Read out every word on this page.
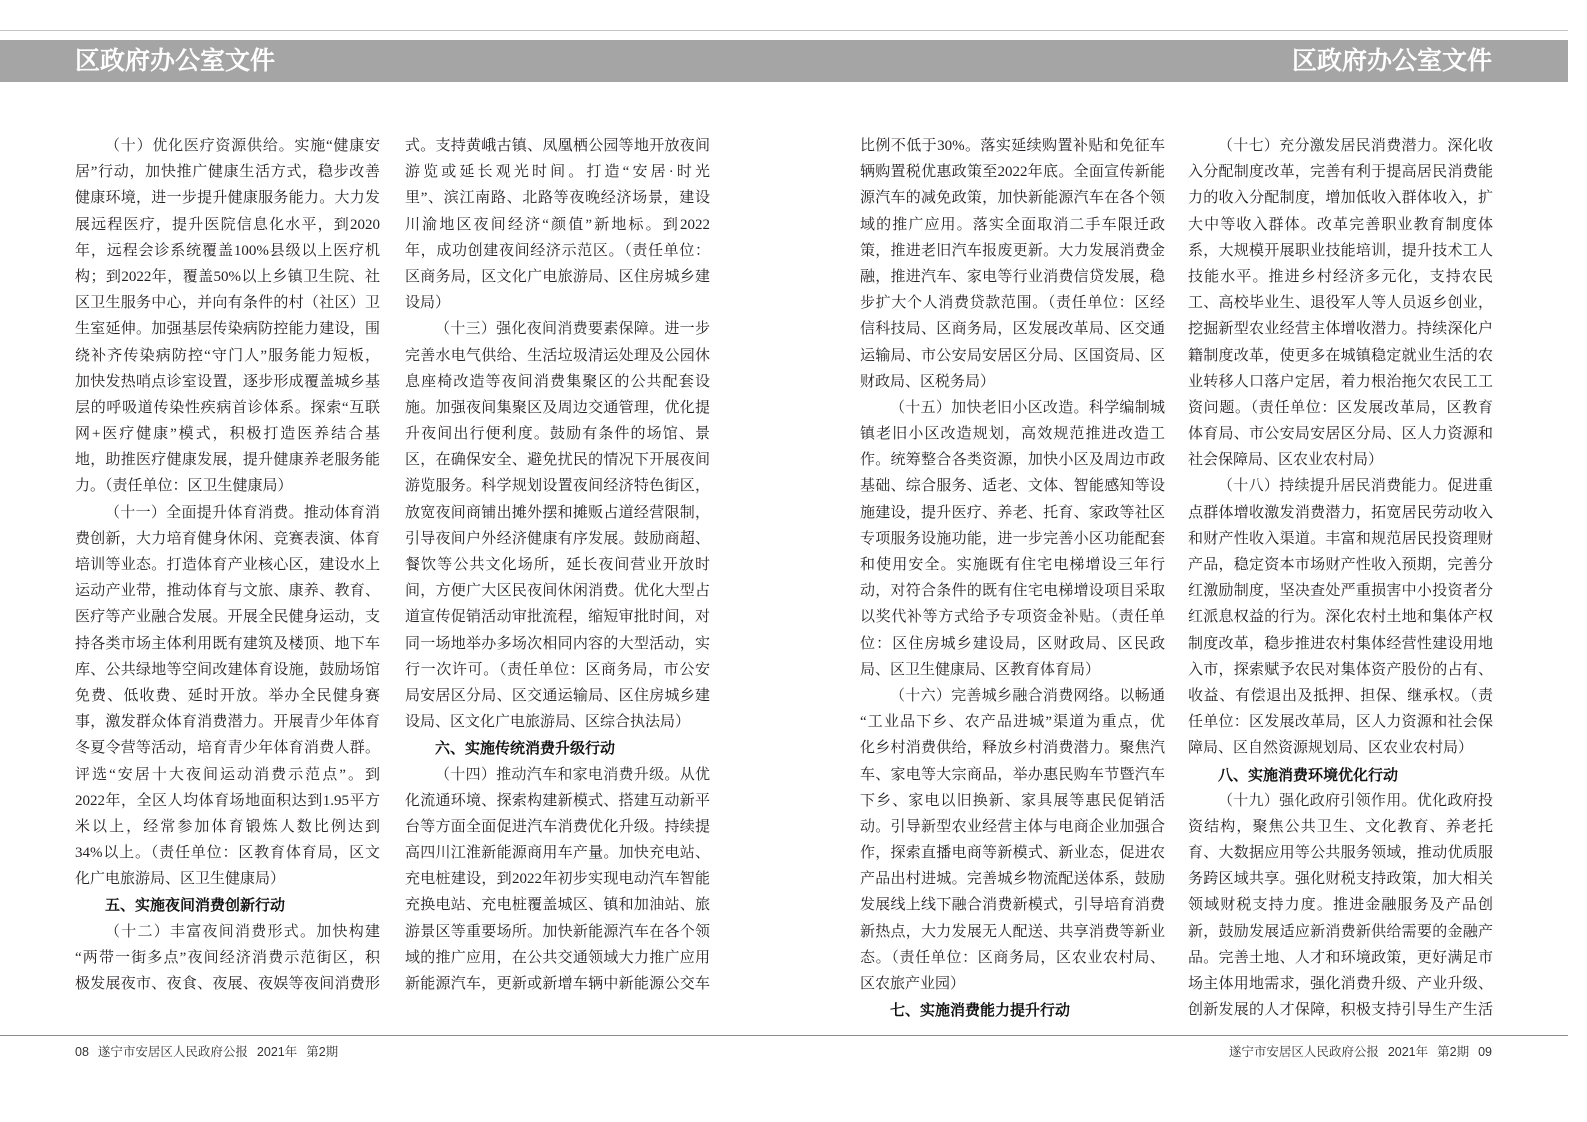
区政府办公室文件	区政府办公室文件
（十）优化医疗资源供给。实施“健康安
居”行动，加快推广健康生活方式，稳步改善
健康环境，进一步提升健康服务能力。大力发
展远程医疗，提升医院信息化水平，到2020
年，远程会诊系统覆盖100%县级以上医疗机
构；到2022年，覆盖50%以上乡镇卫生院、社
区卫生服务中心，并向有条件的村（社区）卫
生室延伸。加强基层传染病防控能力建设，围
绕补齐传染病防控“守门人”服务能力短板，
加快发热哨点诊室设置，逐步形成覆盖城乡基
层的呼吸道传染性疾病首诊体系。探索“互联
网+医疗健康”模式，积极打造医养结合基
地，助推医疗健康发展，提升健康养老服务能
力。（责任单位：区卫生健康局）
（十一）全面提升体育消费。推动体育消
费创新，大力培育健身休闲、竞赛表演、体育
培训等业态。打造体育产业核心区，建设水上
运动产业带，推动体育与文旅、康养、教育、
医疗等产业融合发展。开展全民健身运动，支
持各类市场主体利用既有建筑及楼顶、地下车
库、公共绿地等空间改建体育设施，鼓励场馆
免费、低收费、延时开放。举办全民健身赛
事，激发群众体育消费潜力。开展青少年体育
冬夏令营等活动，培育青少年体育消费人群。
评选“安居十大夜间运动消费示范点”。到
2022年，全区人均体育场地面积达到1.95平方
米以上，经常参加体育锻炼人数比例达到
34%以上。（责任单位：区教育体育局，区文
化广电旅游局、区卫生健康局）
五、实施夜间消费创新行动
（十二）丰富夜间消费形式。加快构建
“两带一街多点”夜间经济消费示范街区，积
极发展夜市、夜食、夜展、夜娱等夜间消费形
式。支持黄峨古镇、凤凰栖公园等地开放夜间
游览或延长观光时间。打造“安居·时光
里”、滨江南路、北路等夜晚经济场景，建设
川渝地区夜间经济“颜值”新地标。到2022
年，成功创建夜间经济示范区。（责任单位：
区商务局，区文化广电旅游局、区住房城乡建
设局）
（十三）强化夜间消费要素保障。进一步
完善水电气供给、生活垃圾清运处理及公园休
息座椅改造等夜间消费集聚区的公共配套设
施。加强夜间集聚区及周边交通管理，优化提
升夜间出行便利度。鼓励有条件的场馆、景
区，在确保安全、避免扰民的情况下开展夜间
游览服务。科学规划设置夜间经济特色街区，
放宽夜间商铺出摊外摆和摊贩占道经营限制，
引导夜间户外经济健康有序发展。鼓励商超、
餐饮等公共文化场所，延长夜间营业开放时
间，方便广大区民夜间休闲消费。优化大型占
道宣传促销活动审批流程，缩短审批时间，对
同一场地举办多场次相同内容的大型活动，实
行一次许可。（责任单位：区商务局，市公安
局安居区分局、区交通运输局、区住房城乡建
设局、区文化广电旅游局、区综合执法局）
六、实施传统消费升级行动
（十四）推动汽车和家电消费升级。从优
化流通环境、探索构建新模式、搭建互动新平
台等方面全面促进汽车消费优化升级。持续提
高四川江淮新能源商用车产量。加快充电站、
充电桩建设，到2022年初步实现电动汽车智能
充换电站、充电桩覆盖城区、镇和加油站、旅
游景区等重要场所。加快新能源汽车在各个领
域的推广应用，在公共交通领域大力推广应用
新能源汽车，更新或新增车辆中新能源公交车
比例不低于30%。落实延续购置补贴和免征车
辆购置税优惠政策至2022年底。全面宣传新能
源汽车的减免政策，加快新能源汽车在各个领
域的推广应用。落实全面取消二手车限迁政
策，推进老旧汽车报废更新。大力发展消费金
融，推进汽车、家电等行业消费信贷发展，稳
步扩大个人消费贷款范围。（责任单位：区经
信科技局、区商务局，区发展改革局、区交通
运输局、市公安局安居区分局、区国资局、区
财政局、区税务局）
（十五）加快老旧小区改造。科学编制城
镇老旧小区改造规划，高效规范推进改造工
作。统筹整合各类资源，加快小区及周边市政
基础、综合服务、适老、文体、智能感知等设
施建设，提升医疗、养老、托育、家政等社区
专项服务设施功能，进一步完善小区功能配套
和使用安全。实施既有住宅电梯增设三年行
动，对符合条件的既有住宅电梯增设项目采取
以奖代补等方式给予专项资金补贴。（责任单
位：区住房城乡建设局，区财政局、区民政
局、区卫生健康局、区教育体育局）
（十六）完善城乡融合消费网络。以畅通
“工业品下乡、农产品进城”渠道为重点，优
化乡村消费供给，释放乡村消费潜力。聚焦汽
车、家电等大宗商品，举办惠民购车节暨汽车
下乡、家电以旧换新、家具展等惠民促销活
动。引导新型农业经营主体与电商企业加强合
作，探索直播电商等新模式、新业态，促进农
产品出村进城。完善城乡物流配送体系，鼓励
发展线上线下融合消费新模式，引导培育消费
新热点，大力发展无人配送、共享消费等新业
态。（责任单位：区商务局，区农业农村局、
区农旅产业园）
七、实施消费能力提升行动
（十七）充分激发居民消费潜力。深化收
入分配制度改革，完善有利于提高居民消费能
力的收入分配制度，增加低收入群体收入，扩
大中等收入群体。改革完善职业教育制度体
系，大规模开展职业技能培训，提升技术工人
技能水平。推进乡村经济多元化，支持农民
工、高校毕业生、退役军人等人员返乡创业，
挖掘新型农业经营主体增收潜力。持续深化户
籍制度改革，使更多在城镇稳定就业生活的农
业转移人口落户定居，着力根治拖欠农民工工
资问题。（责任单位：区发展改革局，区教育
体育局、市公安局安居区分局、区人力资源和
社会保障局、区农业农村局）
（十八）持续提升居民消费能力。促进重
点群体增收激发消费潜力，拓宽居民劳动收入
和财产性收入渠道。丰富和规范居民投资理财
产品，稳定资本市场财产性收入预期，完善分
红激励制度，坚决查处严重损害中小投资者分
红派息权益的行为。深化农村土地和集体产权
制度改革，稳步推进农村集体经营性建设用地
入市，探索赋予农民对集体资产股份的占有、
收益、有偿退出及抵押、担保、继承权。（责
任单位：区发展改革局，区人力资源和社会保
障局、区自然资源规划局、区农业农村局）
八、实施消费环境优化行动
（十九）强化政府引领作用。优化政府投
资结构，聚焦公共卫生、文化教育、养老托
育、大数据应用等公共服务领域，推动优质服
务跨区域共享。强化财税支持政策，加大相关
领域财税支持力度。推进金融服务及产品创
新，鼓励发展适应新消费新供给需要的金融产
品。完善土地、人才和环境政策，更好满足市
场主体用地需求，强化消费升级、产业升级、
创新发展的人才保障，积极支持引导生产生活
08 遂宁市安居区人民政府公报 2021年 第2期	遂宁市安居区人民政府公报 2021年 第2期 09
